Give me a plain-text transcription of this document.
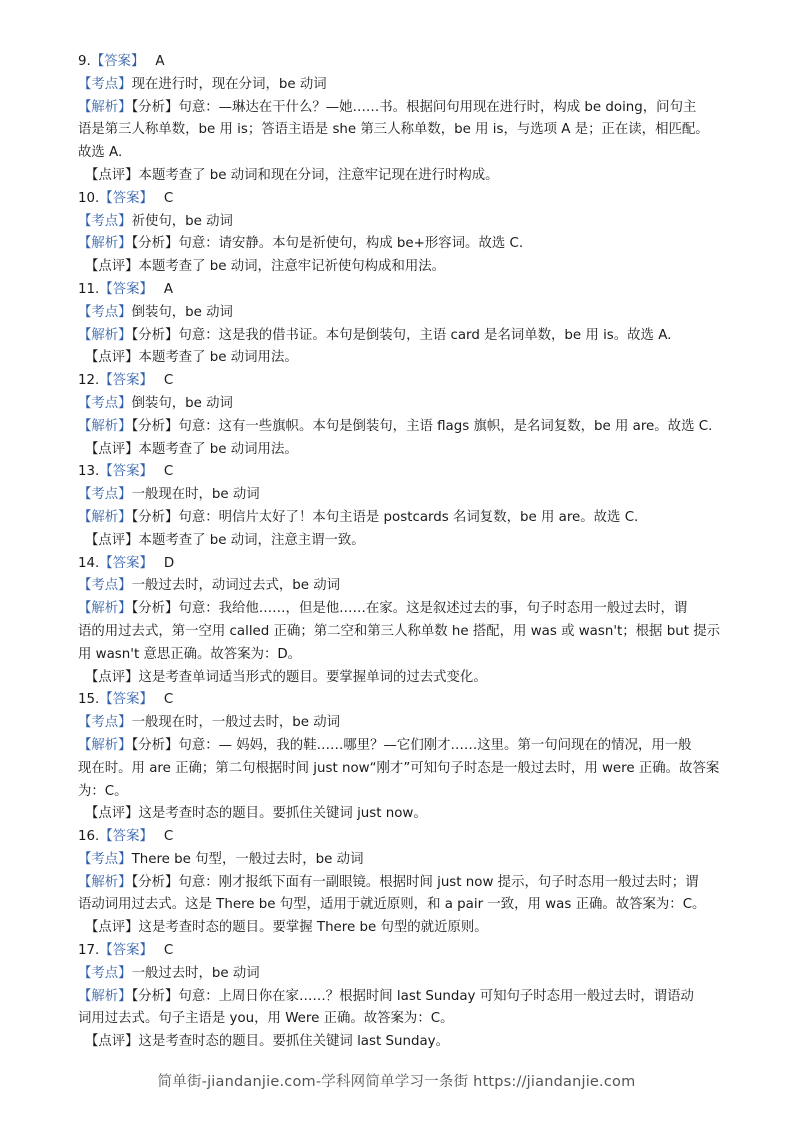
9.【答案】 A
【考点】现在进行时，现在分词，be 动词
【解析】【分析】句意：—琳达在干什么？—她……书。根据问句用现在进行时，构成 be doing，问句主
语是第三人称单数，be 用 is；答语主语是 she 第三人称单数，be 用 is，与选项 A 是；正在读，相匹配。
故选 A.
【点评】本题考查了 be 动词和现在分词，注意牢记现在进行时构成。
10.【答案】 C
【考点】祈使句，be 动词
【解析】【分析】句意：请安静。本句是祈使句，构成 be+形容词。故选 C.
【点评】本题考查了 be 动词，注意牢记祈使句构成和用法。
11.【答案】 A
【考点】倒装句，be 动词
【解析】【分析】句意：这是我的借书证。本句是倒装句，主语 card 是名词单数，be 用 is。故选 A.
【点评】本题考查了 be 动词用法。
12.【答案】 C
【考点】倒装句，be 动词
【解析】【分析】句意：这有一些旗帜。本句是倒装句，主语 flags 旗帜，是名词复数，be 用 are。故选 C.
【点评】本题考查了 be 动词用法。
13.【答案】 C
【考点】一般现在时，be 动词
【解析】【分析】句意：明信片太好了！本句主语是 postcards 名词复数，be 用 are。故选 C.
【点评】本题考查了 be 动词，注意主谓一致。
14.【答案】 D
【考点】一般过去时，动词过去式，be 动词
【解析】【分析】句意：我给他……，但是他……在家。这是叙述过去的事，句子时态用一般过去时，谓
语的用过去式，第一空用 called 正确；第二空和第三人称单数 he 搭配，用 was 或 wasn't；根据 but 提示
用 wasn't 意思正确。故答案为：D。
【点评】这是考查单词适当形式的题目。要掌握单词的过去式变化。
15.【答案】 C
【考点】一般现在时，一般过去时，be 动词
【解析】【分析】句意：— 妈妈，我的鞋……哪里？—它们刚才……这里。第一句问现在的情况，用一般
现在时。用 are 正确；第二句根据时间 just now“刚才”可知句子时态是一般过去时，用 were 正确。故答案
为：C。
【点评】这是考查时态的题目。要抓住关键词 just now。
16.【答案】 C
【考点】There be 句型，一般过去时，be 动词
【解析】【分析】句意：刚才报纸下面有一副眼镜。根据时间 just now 提示，句子时态用一般过去时；谓
语动词用过去式。这是 There be 句型，适用于就近原则，和 a pair 一致，用 was 正确。故答案为：C。
【点评】这是考查时态的题目。要掌握 There be 句型的就近原则。
17.【答案】 C
【考点】一般过去时，be 动词
【解析】【分析】句意：上周日你在家……？根据时间 last Sunday 可知句子时态用一般过去时，谓语动
词用过去式。句子主语是 you，用 Were 正确。故答案为：C。
【点评】这是考查时态的题目。要抓住关键词 last Sunday。
简单街-jiandanjie.com-学科网简单学习一条街 https://jiandanjie.com
